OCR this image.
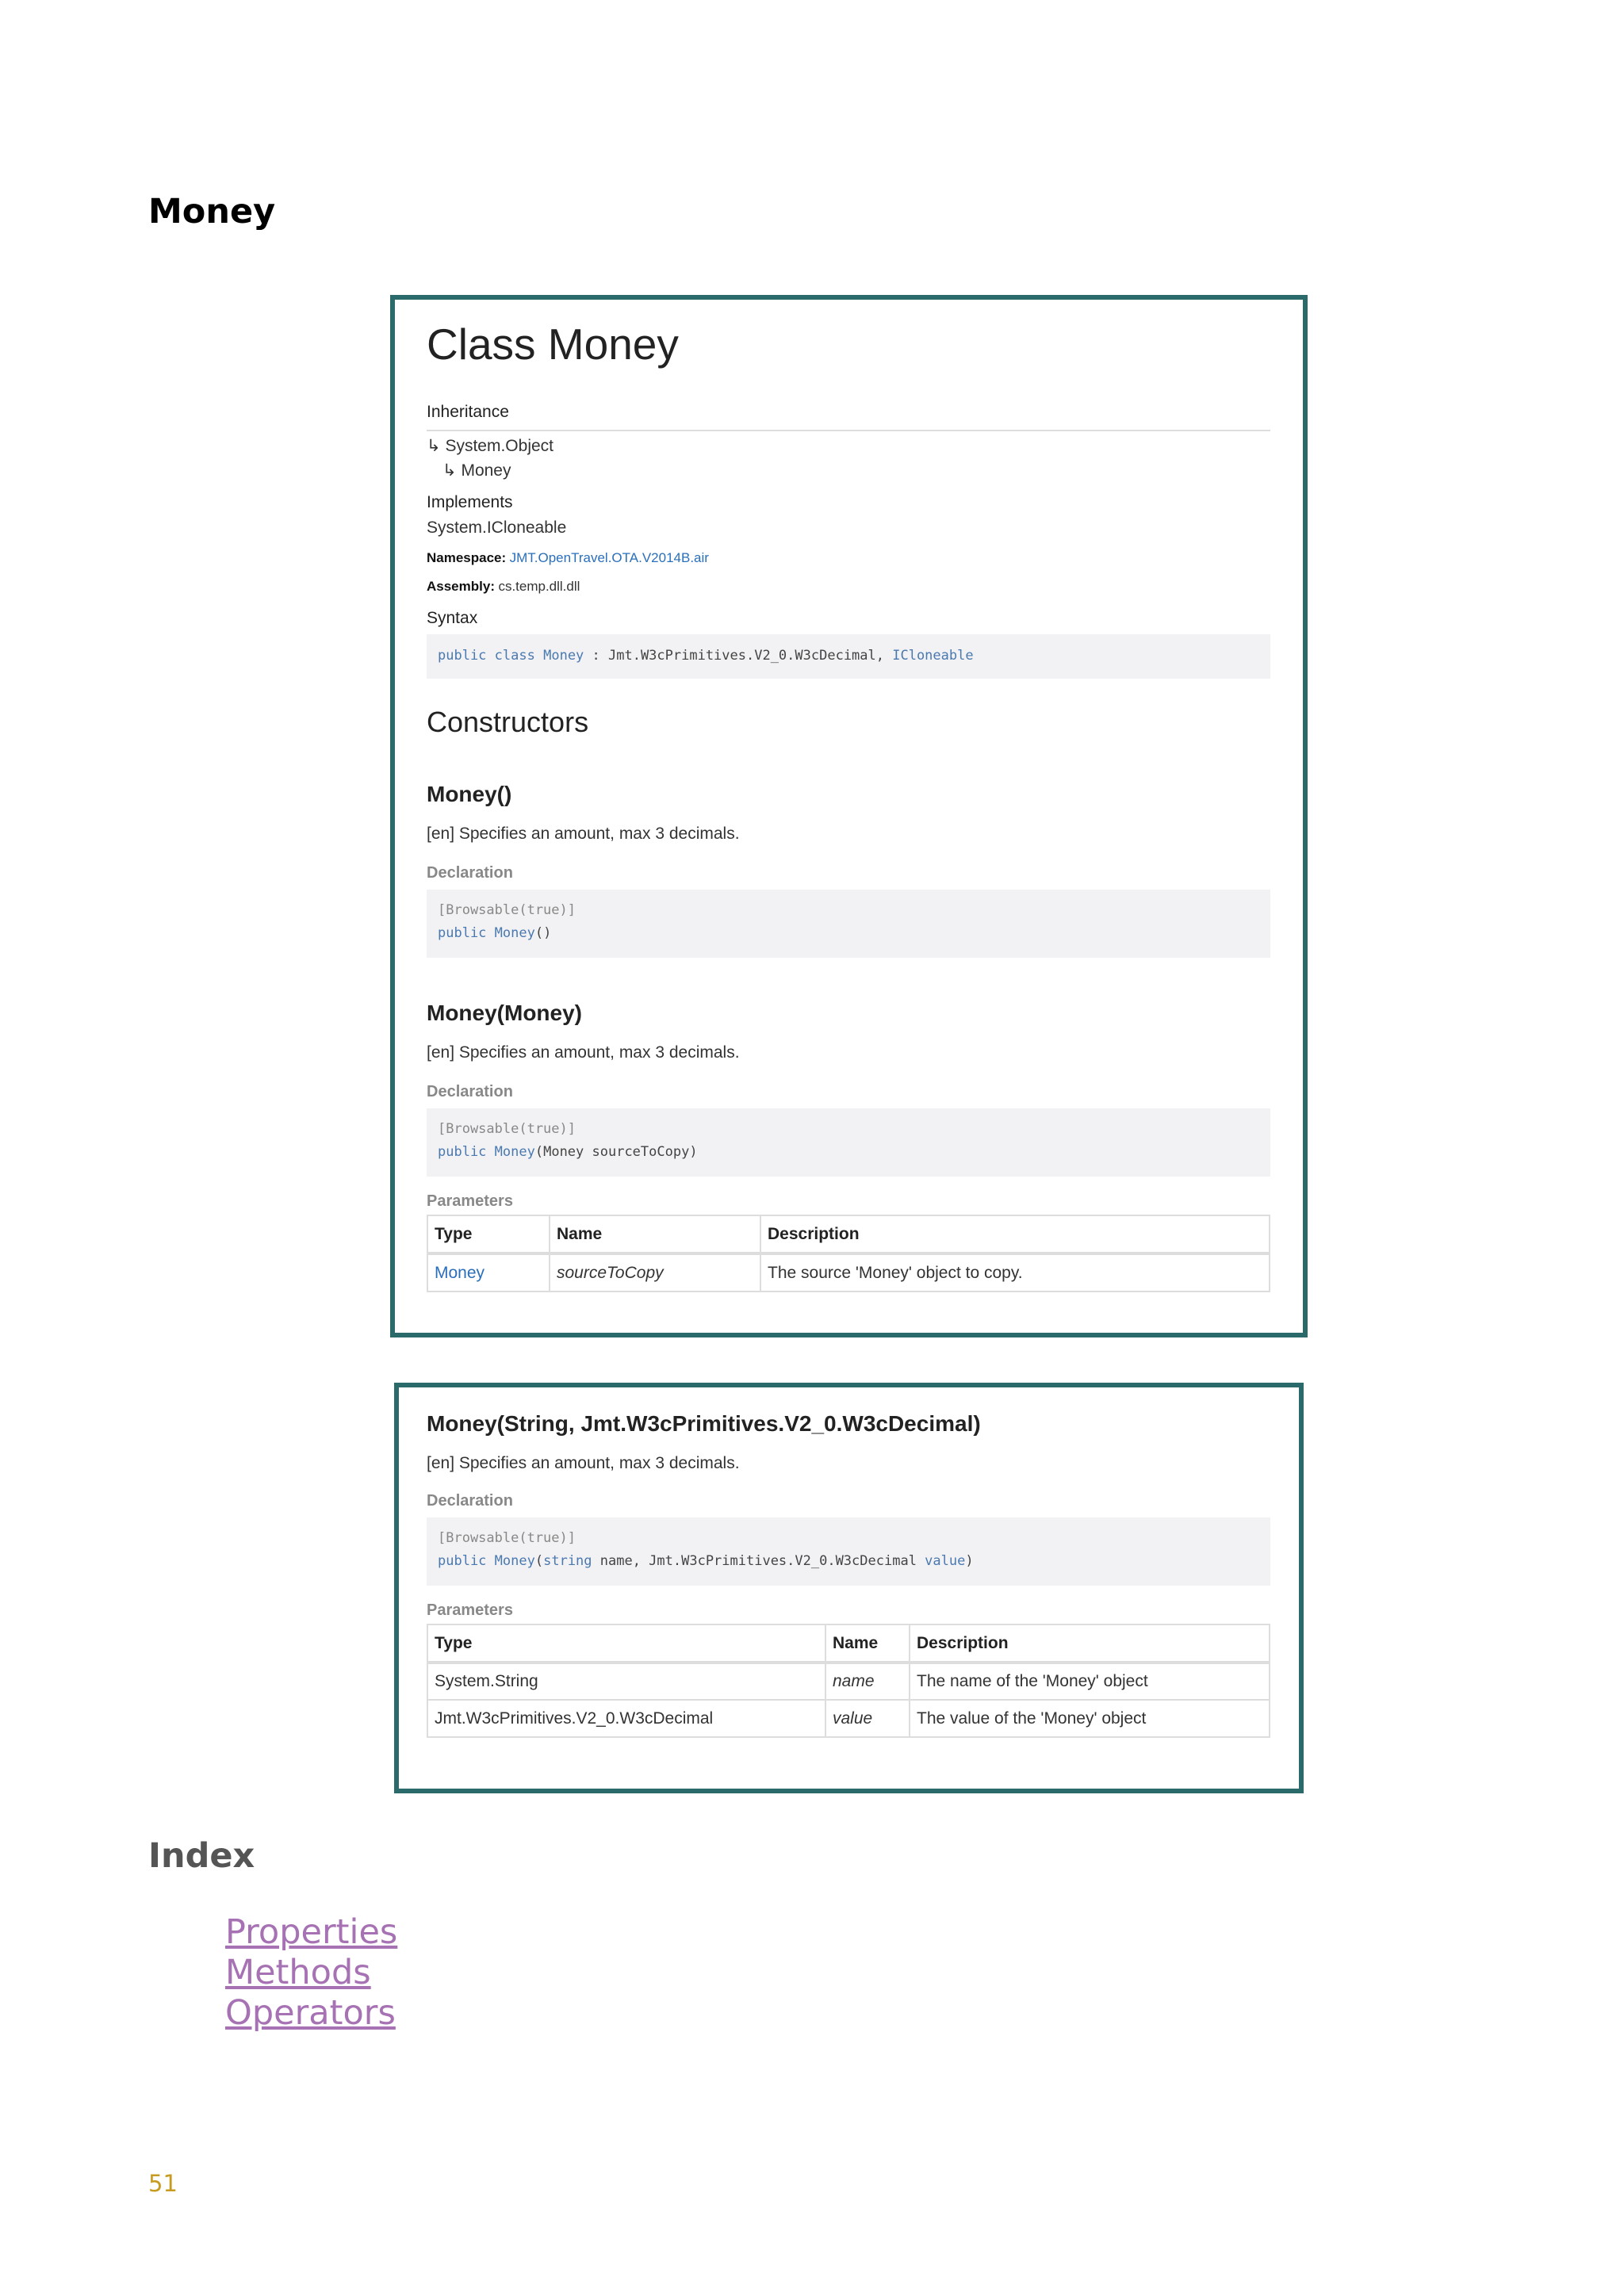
Money
Class Money
Inheritance
↳ System.Object
↳ Money
Implements
System.ICloneable
Namespace: JMT.OpenTravel.OTA.V2014B.air
Assembly: cs.temp.dll.dll
Syntax
public class Money : Jmt.W3cPrimitives.V2_0.W3cDecimal, ICloneable
Constructors
Money()
[en] Specifies an amount, max 3 decimals.
Declaration
[Browsable(true)]
public Money()
Money(Money)
[en] Specifies an amount, max 3 decimals.
Declaration
[Browsable(true)]
public Money(Money sourceToCopy)
Parameters
Type	Name	Description
Money	sourceToCopy	The source 'Money' object to copy.
Money(String, Jmt.W3cPrimitives.V2_0.W3cDecimal)
[en] Specifies an amount, max 3 decimals.
Declaration
[Browsable(true)]
public Money(string name, Jmt.W3cPrimitives.V2_0.W3cDecimal value)
Parameters
Type	Name	Description
System.String	name	The name of the 'Money' object
Jmt.W3cPrimitives.V2_0.W3cDecimal	value	The value of the 'Money' object
Index
Properties
Methods
Operators
51
